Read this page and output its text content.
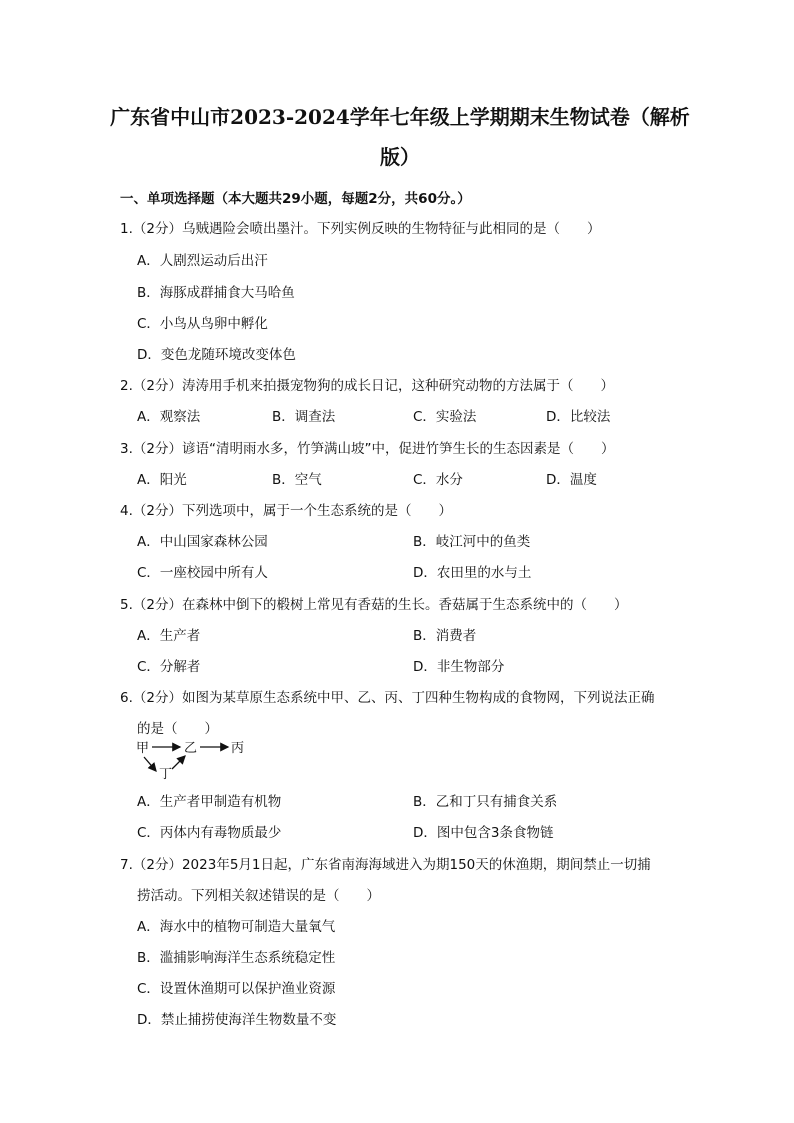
广东省中山市2023-2024学年七年级上学期期末生物试卷（解析
版）
一、单项选择题（本大题共29小题，每题2分，共60分。）
1.（2分）乌贼遇险会喷出墨汁。下列实例反映的生物特征与此相同的是（　　）
A．人剧烈运动后出汗
B．海豚成群捕食大马哈鱼
C．小鸟从鸟卵中孵化
D．变色龙随环境改变体色
2.（2分）涛涛用手机来拍摄宠物狗的成长日记，这种研究动物的方法属于（　　）
A．观察法	B．调查法	C．实验法	D．比较法
3.（2分）谚语“清明雨水多，竹笋满山坡”中，促进竹笋生长的生态因素是（　　）
A．阳光	B．空气	C．水分	D．温度
4.（2分）下列选项中，属于一个生态系统的是（　　）
A．中山国家森林公园	B．岐江河中的鱼类
C．一座校园中所有人	D．农田里的水与土
5.（2分）在森林中倒下的椴树上常见有香菇的生长。香菇属于生态系统中的（　　）
A．生产者	B．消费者
C．分解者	D．非生物部分
6.（2分）如图为某草原生态系统中甲、乙、丙、丁四种生物构成的食物网，下列说法正确
的是（　　）
甲	乙	丙
丁
A．生产者甲制造有机物	B．乙和丁只有捕食关系
C．丙体内有毒物质最少	D．图中包含3条食物链
7.（2分）2023年5月1日起，广东省南海海域进入为期150天的休渔期，期间禁止一切捕
捞活动。下列相关叙述错误的是（　　）
A．海水中的植物可制造大量氧气
B．滥捕影响海洋生态系统稳定性
C．设置休渔期可以保护渔业资源
D．禁止捕捞使海洋生物数量不变
